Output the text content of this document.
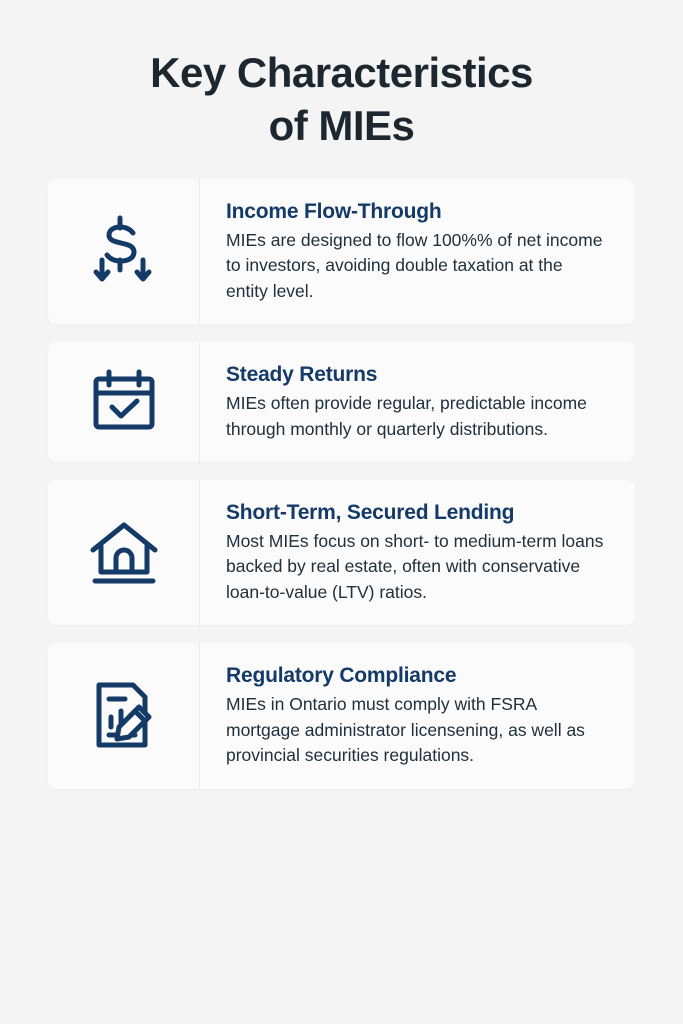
Key Characteristics
of MIEs

Income Flow-Through

MIEs are designed to flow 100%% of net income to investors, avoiding double taxation at the entity level.

Steady Returns

MIEs often provide regular, predictable income through monthly or quarterly distributions.

Short-Term, Secured Lending

Most MIEs focus on short- to medium-term loans backed by real estate, often with conservative loan-to-value (LTV) ratios.

Regulatory Compliance

MIEs in Ontario must comply with FSRA mortgage administrator licensening, as well as provincial securities regulations.
